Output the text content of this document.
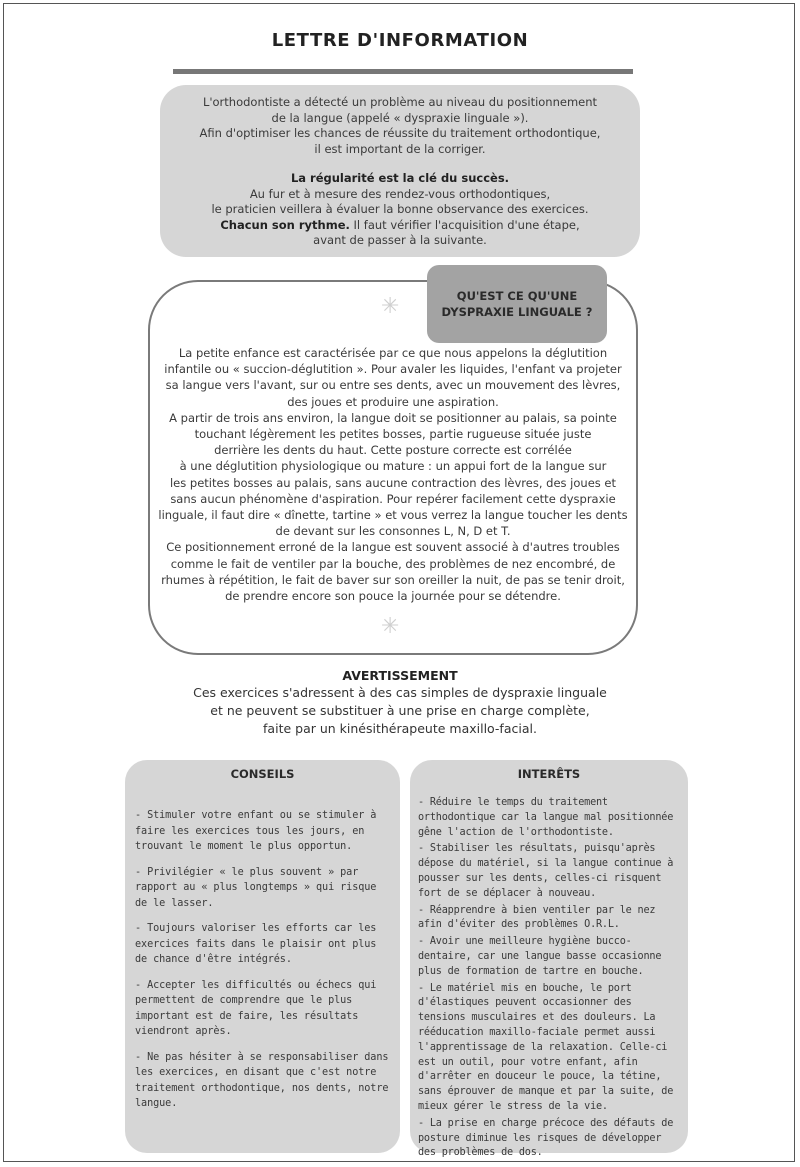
LETTRE D'INFORMATION

L'orthodontiste a détecté un problème au niveau du positionnement

de la langue (appelé « dyspraxie linguale »).

Afin d'optimiser les chances de réussite du traitement orthodontique,

il est important de la corriger.

La régularité est la clé du succès.

Au fur et à mesure des rendez-vous orthodontiques,

le praticien veillera à évaluer la bonne observance des exercices.

Chacun son rythme. Il faut vérifier l'acquisition d'une étape,

avant de passer à la suivante.

QU'EST CE QU'UNE
DYSPRAXIE LINGUALE ?
✳
✳
La petite enfance est caractérisée par ce que nous appelons la déglutition
infantile ou « succion-déglutition ». Pour avaler les liquides, l'enfant va projeter
sa langue vers l'avant, sur ou entre ses dents, avec un mouvement des lèvres,
des joues et produire une aspiration.
A partir de trois ans environ, la langue doit se positionner au palais, sa pointe
touchant légèrement les petites bosses, partie rugueuse située juste
derrière les dents du haut. Cette posture correcte est corrélée
à une déglutition physiologique ou mature : un appui fort de la langue sur
les petites bosses au palais, sans aucune contraction des lèvres, des joues et
sans aucun phénomène d'aspiration. Pour repérer facilement cette dyspraxie
linguale, il faut dire « dînette, tartine » et vous verrez la langue toucher les dents
de devant sur les consonnes L, N, D et T.
Ce positionnement erroné de la langue est souvent associé à d'autres troubles
comme le fait de ventiler par la bouche, des problèmes de nez encombré, de
rhumes à répétition, le fait de baver sur son oreiller la nuit, de pas se tenir droit,
de prendre encore son pouce la journée pour se détendre.
AVERTISSEMENT
Ces exercices s'adressent à des cas simples de dyspraxie linguale
et ne peuvent se substituer à une prise en charge complète,
faite par un kinésithérapeute maxillo-facial.
CONSEILS
- Stimuler votre enfant ou se stimuler à faire les exercices tous les jours, en trouvant le moment le plus opportun.
- Privilégier « le plus souvent » par rapport au « plus longtemps » qui risque de le lasser.
- Toujours valoriser les efforts car les exercices faits dans le plaisir ont plus de chance d'être intégrés.
- Accepter les difficultés ou échecs qui permettent de comprendre que le plus important est de faire, les résultats viendront après.
- Ne pas hésiter à se responsabiliser dans les exercices, en disant que c'est notre traitement orthodontique, nos dents, notre langue.
INTERÊTS
- Réduire le temps du traitement orthodontique car la langue mal positionnée gêne l'action de l'orthodontiste.
- Stabiliser les résultats, puisqu'après dépose du matériel, si la langue continue à pousser sur les dents, celles-ci risquent fort de se déplacer à nouveau.
- Réapprendre à bien ventiler par le nez afin d'éviter des problèmes O.R.L.
- Avoir une meilleure hygiène bucco-dentaire, car une langue basse occasionne plus de formation de tartre en bouche.
- Le matériel mis en bouche, le port d'élastiques peuvent occasionner des tensions musculaires et des douleurs. La rééducation maxillo-faciale permet aussi l'apprentissage de la relaxation. Celle-ci est un outil, pour votre enfant, afin d'arrêter en douceur le pouce, la tétine, sans éprouver de manque et par la suite, de mieux gérer le stress de la vie.
- La prise en charge précoce des défauts de posture diminue les risques de développer des problèmes de dos.
